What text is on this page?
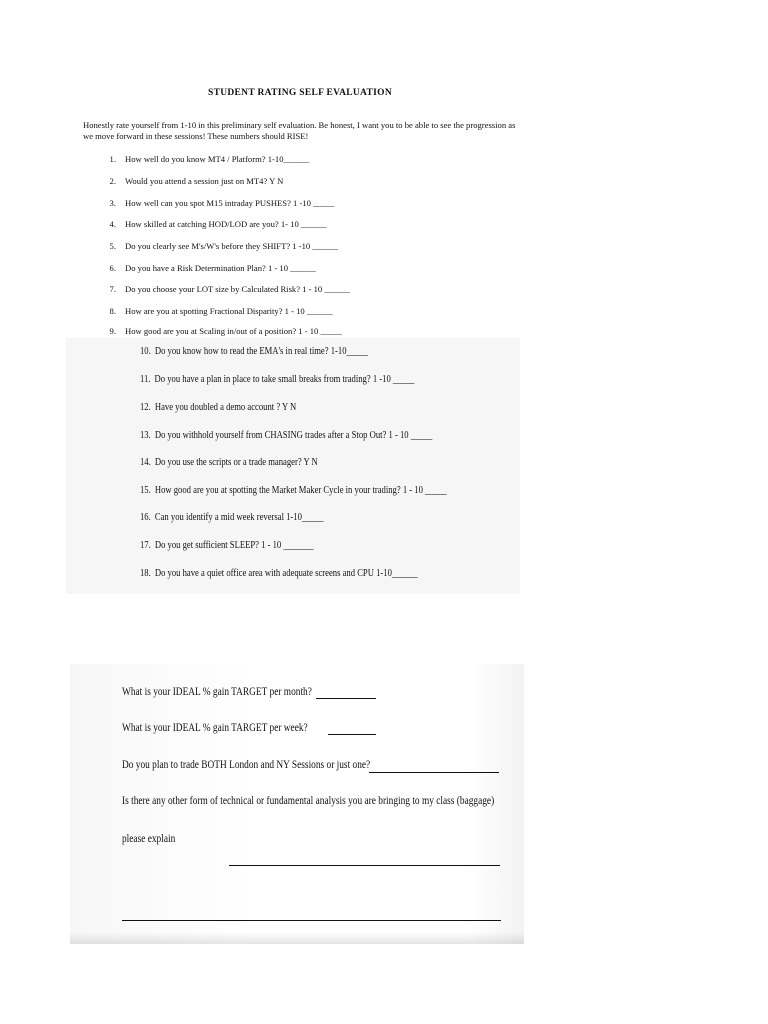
STUDENT RATING SELF EVALUATION
Honestly rate yourself from 1-10 in this preliminary self evaluation. Be honest, I want you to be able to see the progression as we move forward in these sessions! These numbers should RISE!
1. How well do you know MT4 / Platform? 1-10______
2. Would you attend a session just on MT4? Y N
3. How well can you spot M15 intraday PUSHES? 1 -10 _____
4. How skilled at catching HOD/LOD are you? 1- 10 ______
5. Do you clearly see M's/W's before they SHIFT? 1 -10 ______
6. Do you have a Risk Determination Plan? 1 - 10 ______
7. Do you choose your LOT size by Calculated Risk? 1 - 10 ______
8. How are you at spotting Fractional Disparity? 1 - 10 ______
9. How good are you at Scaling in/out of a position? 1 - 10 _____
10. Do you know how to read the EMA's in real time? 1-10_____
11. Do you have a plan in place to take small breaks from trading? 1 -10 _____
12. Have you doubled a demo account ? Y N
13. Do you withhold yourself from CHASING trades after a Stop Out? 1 - 10 _____
14. Do you use the scripts or a trade manager? Y N
15. How good are you at spotting the Market Maker Cycle in your trading? 1 - 10 _____
16. Can you identify a mid week reversal 1-10_____
17. Do you get sufficient SLEEP? 1 - 10 _______
18. Do you have a quiet office area with adequate screens and CPU 1-10______
What is your IDEAL % gain TARGET per month?
What is your IDEAL % gain TARGET per week?
Do you plan to trade BOTH London and NY Sessions or just one?
Is there any other form of technical or fundamental analysis you are bringing to my class (baggage)
please explain
